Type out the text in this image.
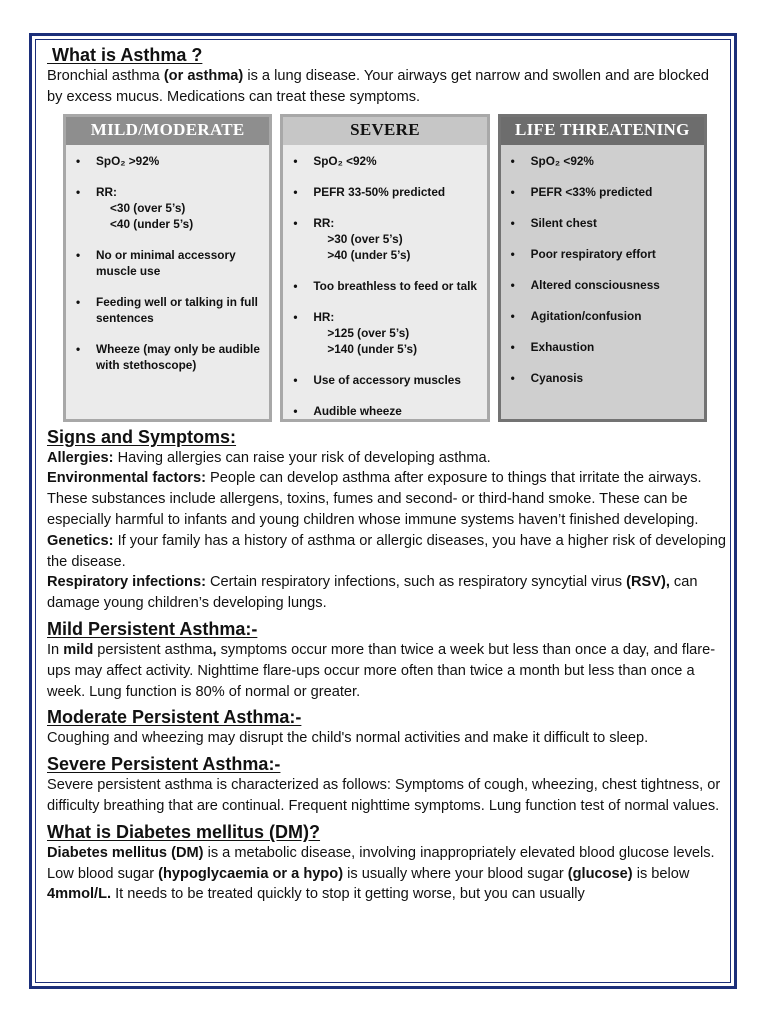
What is Asthma ?

Bronchial asthma (or asthma) is a lung disease. Your airways get narrow and swollen and are blocked by excess mucus. Medications can treat these symptoms.

MILD/MODERATE
• SpO₂ >92%
• RR:
<30 (over 5’s)
<40 (under 5’s)
• No or minimal accessory muscle use
• Feeding well or talking in full sentences
• Wheeze (may only be audible with stethoscope)
SEVERE
• SpO₂ <92%
• PEFR 33-50% predicted
• RR:
>30 (over 5’s)
>40 (under 5’s)
• Too breathless to feed or talk
• HR:
>125 (over 5’s)
>140 (under 5’s)
• Use of accessory muscles
• Audible wheeze
LIFE THREATENING
• SpO₂ <92%
• PEFR <33% predicted
• Silent chest
• Poor respiratory effort
• Altered consciousness
• Agitation/confusion
• Exhaustion
• Cyanosis
Signs and Symptoms:

Allergies: Having allergies can raise your risk of developing asthma.

Environmental factors: People can develop asthma after exposure to things that irritate the airways. These substances include allergens, toxins, fumes and second- or third-hand smoke. These can be especially harmful to infants and young children whose immune systems haven’t finished developing.

Genetics: If your family has a history of asthma or allergic diseases, you have a higher risk of developing the disease.

Respiratory infections: Certain respiratory infections, such as respiratory syncytial virus (RSV), can damage young children’s developing lungs.

Mild Persistent Asthma:-

In mild persistent asthma, symptoms occur more than twice a week but less than once a day, and flare-ups may affect activity. Nighttime flare-ups occur more often than twice a month but less than once a week. Lung function is 80% of normal or greater.

Moderate Persistent Asthma:-

Coughing and wheezing may disrupt the child's normal activities and make it difficult to sleep.

Severe Persistent Asthma:-

Severe persistent asthma is characterized as follows: Symptoms of cough, wheezing, chest tightness, or difficulty breathing that are continual. Frequent nighttime symptoms. Lung function test of normal values.

What is Diabetes mellitus (DM)?

Diabetes mellitus (DM) is a metabolic disease, involving inappropriately elevated blood glucose levels.

Low blood sugar (hypoglycaemia or a hypo) is usually where your blood sugar (glucose) is below 4mmol/L. It needs to be treated quickly to stop it getting worse, but you can usually
